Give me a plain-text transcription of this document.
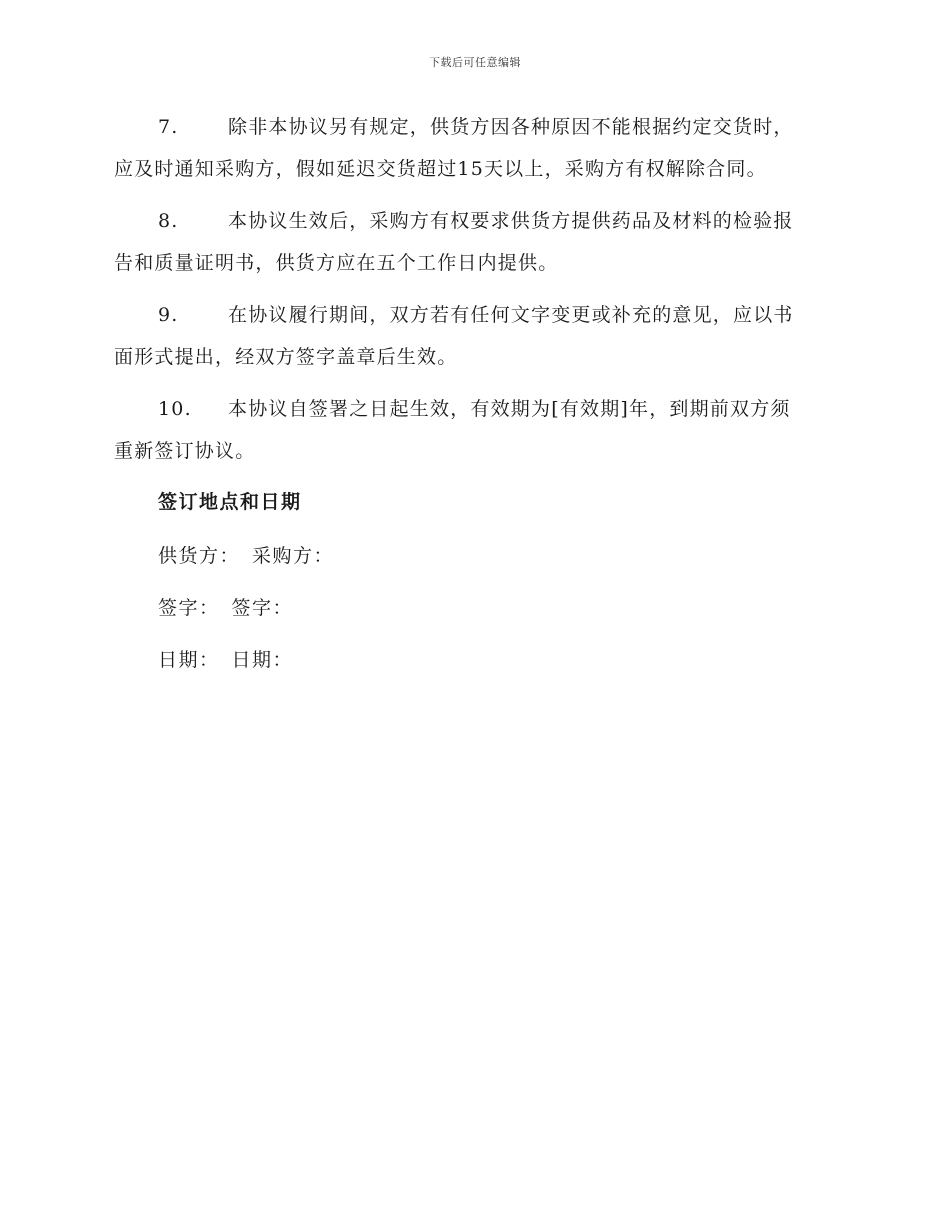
下载后可任意编辑
7.	除非本协议另有规定，供货方因各种原因不能根据约定交货时，
应及时通知采购方，假如延迟交货超过15天以上，采购方有权解除合同。
8.	本协议生效后，采购方有权要求供货方提供药品及材料的检验报
告和质量证明书，供货方应在五个工作日内提供。
9.	在协议履行期间，双方若有任何文字变更或补充的意见，应以书
面形式提出，经双方签字盖章后生效。
10. 本协议自签署之日起生效，有效期为[有效期]年，到期前双方须
重新签订协议。
签订地点和日期
供货方： 采购方：
签字： 签字：
日期： 日期：
